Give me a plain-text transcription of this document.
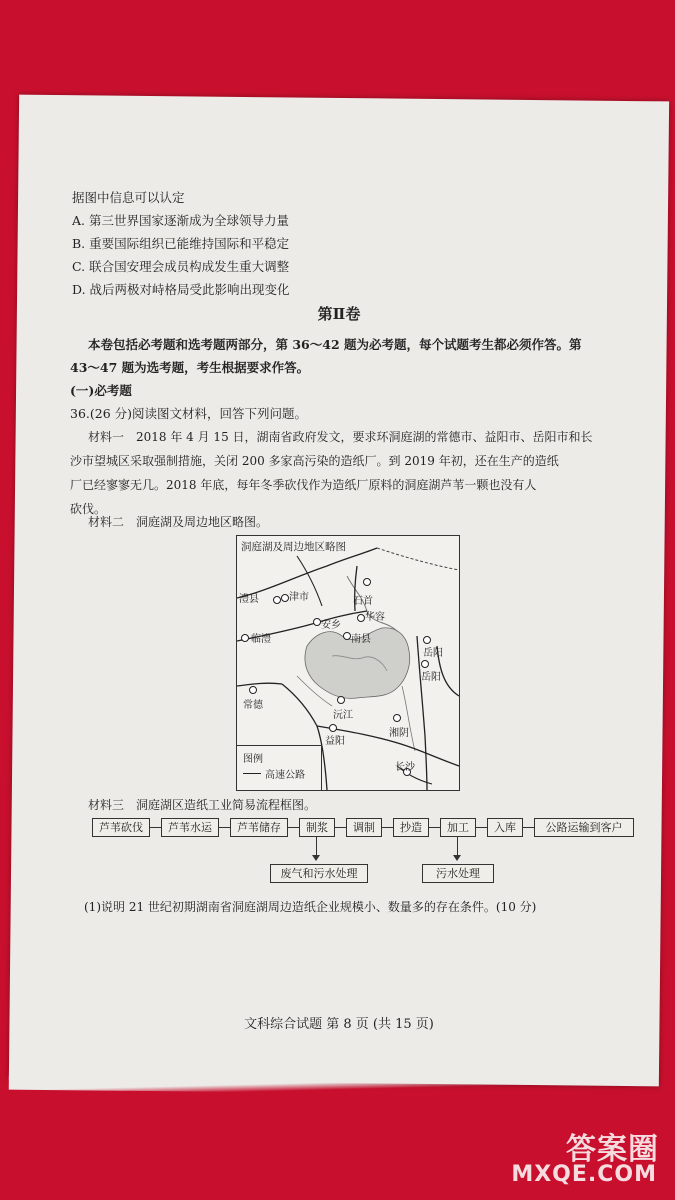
据图中信息可以认定
A. 第三世界国家逐渐成为全球领导力量
B. 重要国际组织已能维持国际和平稳定
C. 联合国安理会成员构成发生重大调整
D. 战后两极对峙格局受此影响出现变化
第Ⅱ卷
本卷包括必考题和选考题两部分，第 36～42 题为必考题，每个试题考生都必须作答。第
43～47 题为选考题，考生根据要求作答。
(一)必考题
36.(26 分)阅读图文材料，回答下列问题。
材料一　2018 年 4 月 15 日，湖南省政府发文，要求环洞庭湖的常德市、益阳市、岳阳市和长
沙市望城区采取强制措施，关闭 200 多家高污染的造纸厂。到 2019 年初，还在生产的造纸
厂已经寥寥无几。2018 年底，每年冬季砍伐作为造纸厂原料的洞庭湖芦苇一颗也没有人
砍伐。
材料二　洞庭湖及周边地区略图。
洞庭湖及周边地区略图
澧县	津市	石首
安乡
华容
临澧	南县
岳阳
岳阳
常德
沅江
益阳
湘阴
长沙
图例
高速公路
材料三　洞庭湖区造纸工业简易流程框图。
芦苇砍伐	芦苇水运	芦苇储存	制浆	调制	抄造	加工	入库	公路运输到客户
废气和污水处理	污水处理
(1)说明 21 世纪初期湖南省洞庭湖周边造纸企业规模小、数量多的存在条件。(10 分)
文科综合试题 第 8 页 (共 15 页)
答案圈
MXQE.COM
